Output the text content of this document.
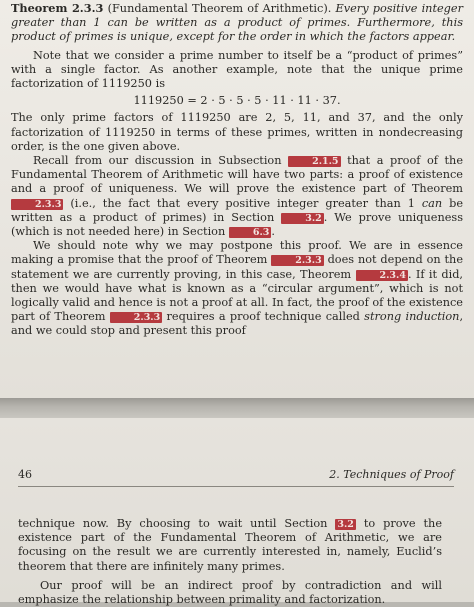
Theorem 2.3.3 (Fundamental Theorem of Arithmetic). Every positive integer greater than 1 can be written as a product of primes. Furthermore, this product of primes is unique, except for the order in which the factors appear.

Note that we consider a prime number to itself be a “product of primes” with a single factor. As another example, note that the unique prime factorization of 1119250 is

1119250 = 2 · 5 · 5 · 5 · 11 · 11 · 37.

The only prime factors of 1119250 are 2, 5, 11, and 37, and the only factorization of 1119250 in terms of these primes, written in nondecreasing order, is the one given above.

Recall from our discussion in Subsection	2.1.5 that a proof of the Fundamental Theorem of Arithmetic will have two parts: a proof of existence and a proof of uniqueness. We will prove the existence part of Theorem 2.3.3 (i.e., the fact that every positive integer greater than 1 can be written as a product of primes) in Section	3.2 . We prove uniqueness (which is not needed here) in Section	6.3 .

We should note why we may postpone this proof. We are in essence making a promise that the proof of Theorem	2.3.3 does not depend on the statement we are currently proving, in this case, Theorem	2.3.4 . If it did, then we would have what is known as a “circular argument”, which is not logically valid and hence is not a proof at all. In fact, the proof of the existence part of Theorem	2.3.3 requires a proof technique called strong induction, and we could stop and present this proof

46	2. Techniques of Proof

technique now. By choosing to wait until Section 3.2 to prove the existence part of the Fundamental Theorem of Arithmetic, we are focusing on the result we are currently interested in, namely, Euclid’s theorem that there are infinitely many primes.

Our proof will be an indirect proof by contradiction and will emphasize the relationship between primality and factorization.
